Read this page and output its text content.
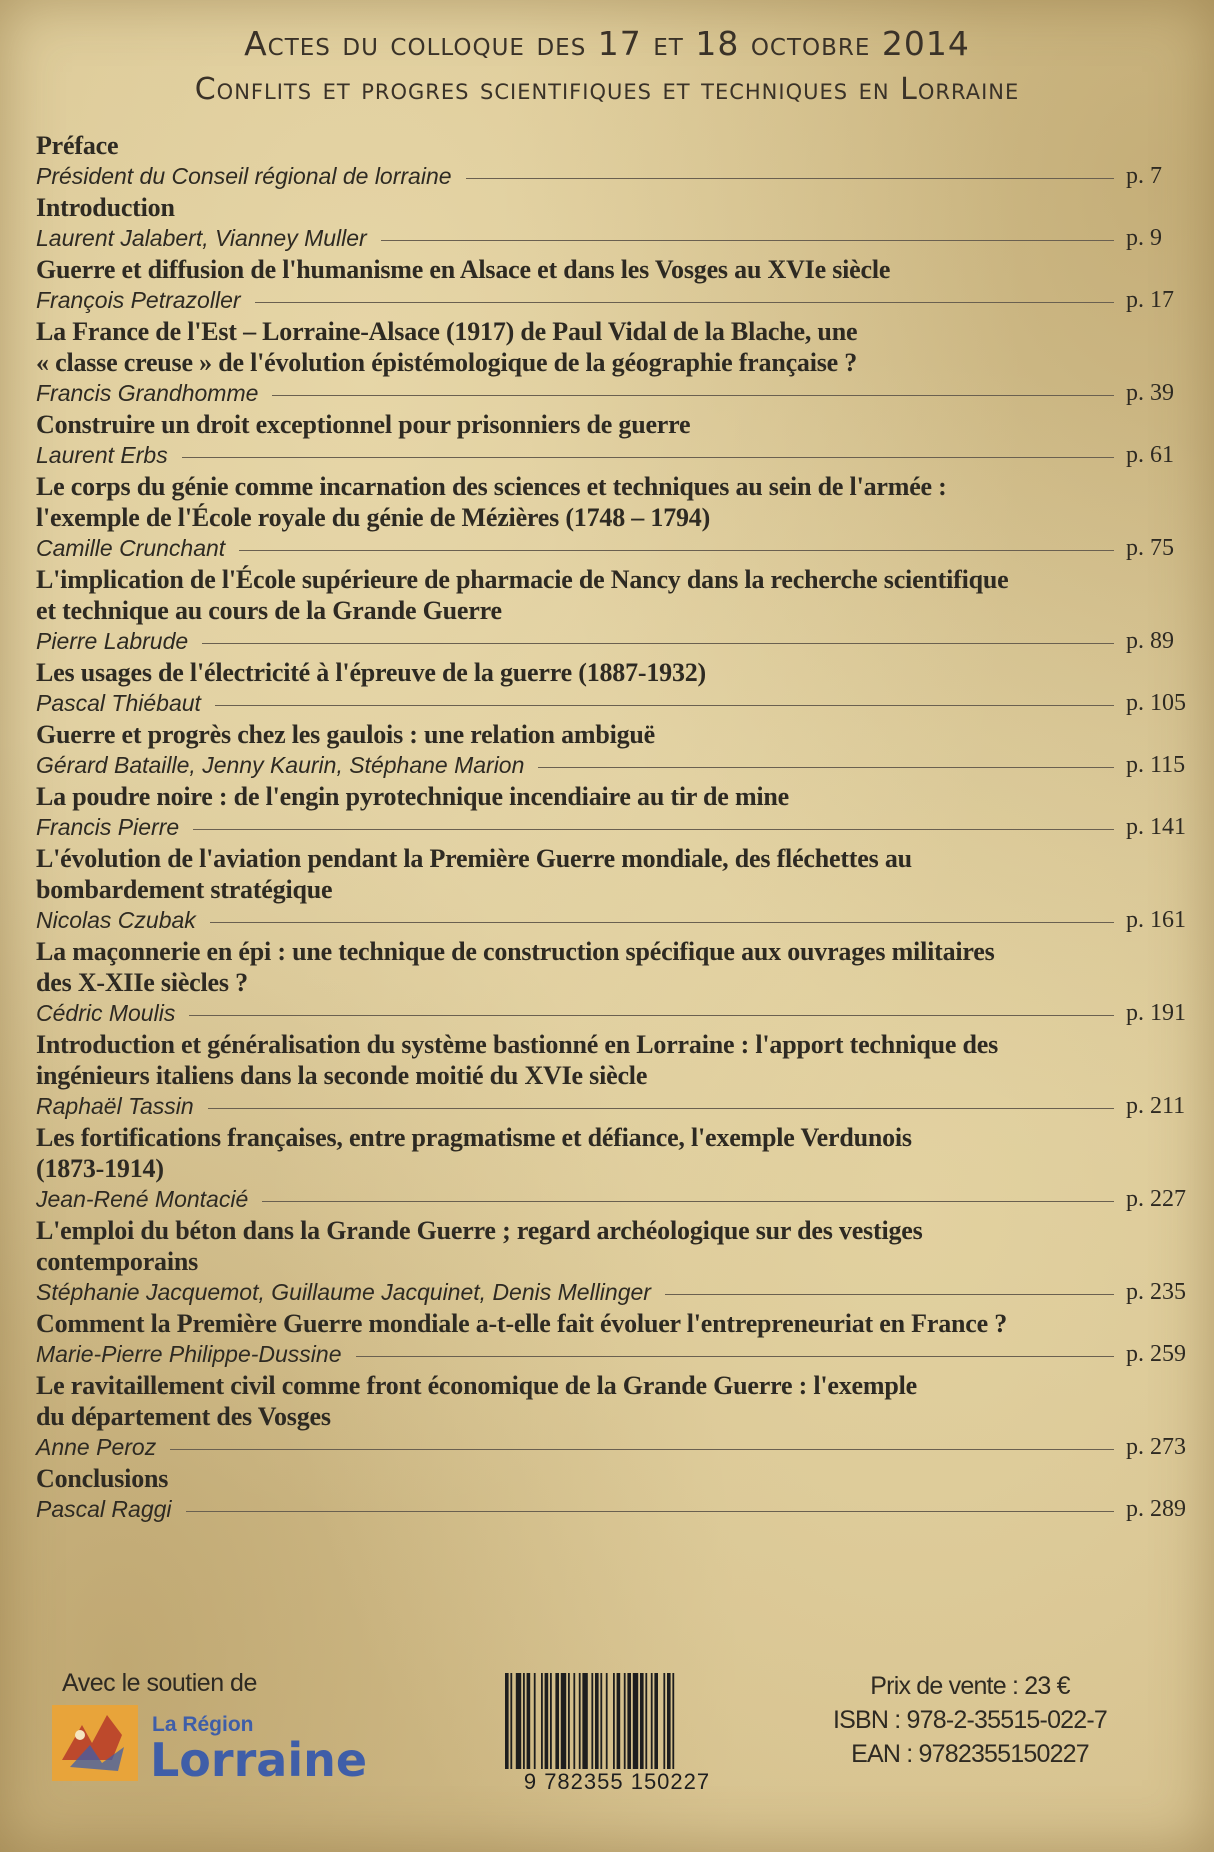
Actes du colloque des 17 et 18 octobre 2014
Conflits et progres scientifiques et techniques en Lorraine
Préface
Président du Conseil régional de lorraine	p. 7
Introduction
Laurent Jalabert, Vianney Muller	p. 9
Guerre et diffusion de l'humanisme en Alsace et dans les Vosges au XVIe siècle
François Petrazoller	p. 17
La France de l'Est – Lorraine-Alsace (1917) de Paul Vidal de la Blache, une
« classe creuse » de l'évolution épistémologique de la géographie française ?
Francis Grandhomme	p. 39
Construire un droit exceptionnel pour prisonniers de guerre
Laurent Erbs	p. 61
Le corps du génie comme incarnation des sciences et techniques au sein de l'armée :
l'exemple de l'École royale du génie de Mézières (1748 – 1794)
Camille Crunchant	p. 75
L'implication de l'École supérieure de pharmacie de Nancy dans la recherche scientifique
et technique au cours de la Grande Guerre
Pierre Labrude	p. 89
Les usages de l'électricité à l'épreuve de la guerre (1887-1932)
Pascal Thiébaut	p. 105
Guerre et progrès chez les gaulois : une relation ambiguë
Gérard Bataille, Jenny Kaurin, Stéphane Marion	p. 115
La poudre noire : de l'engin pyrotechnique incendiaire au tir de mine
Francis Pierre	p. 141
L'évolution de l'aviation pendant la Première Guerre mondiale, des fléchettes au
bombardement stratégique
Nicolas Czubak	p. 161
La maçonnerie en épi : une technique de construction spécifique aux ouvrages militaires
des X-XIIe siècles ?
Cédric Moulis	p. 191
Introduction et généralisation du système bastionné en Lorraine : l'apport technique des
ingénieurs italiens dans la seconde moitié du XVIe siècle
Raphaël Tassin	p. 211
Les fortifications françaises, entre pragmatisme et défiance, l'exemple Verdunois
(1873-1914)
Jean-René Montacié	p. 227
L'emploi du béton dans la Grande Guerre ; regard archéologique sur des vestiges
contemporains
Stéphanie Jacquemot, Guillaume Jacquinet, Denis Mellinger	p. 235
Comment la Première Guerre mondiale a-t-elle fait évoluer l'entrepreneuriat en France ?
Marie-Pierre Philippe-Dussine	p. 259
Le ravitaillement civil comme front économique de la Grande Guerre : l'exemple
du département des Vosges
Anne Peroz	p. 273
Conclusions
Pascal Raggi	p. 289
Avec le soutien de
La Région
Lorraine	9 782355 150227
Prix de vente : 23 €
ISBN : 978-2-35515-022-7
EAN : 9782355150227
